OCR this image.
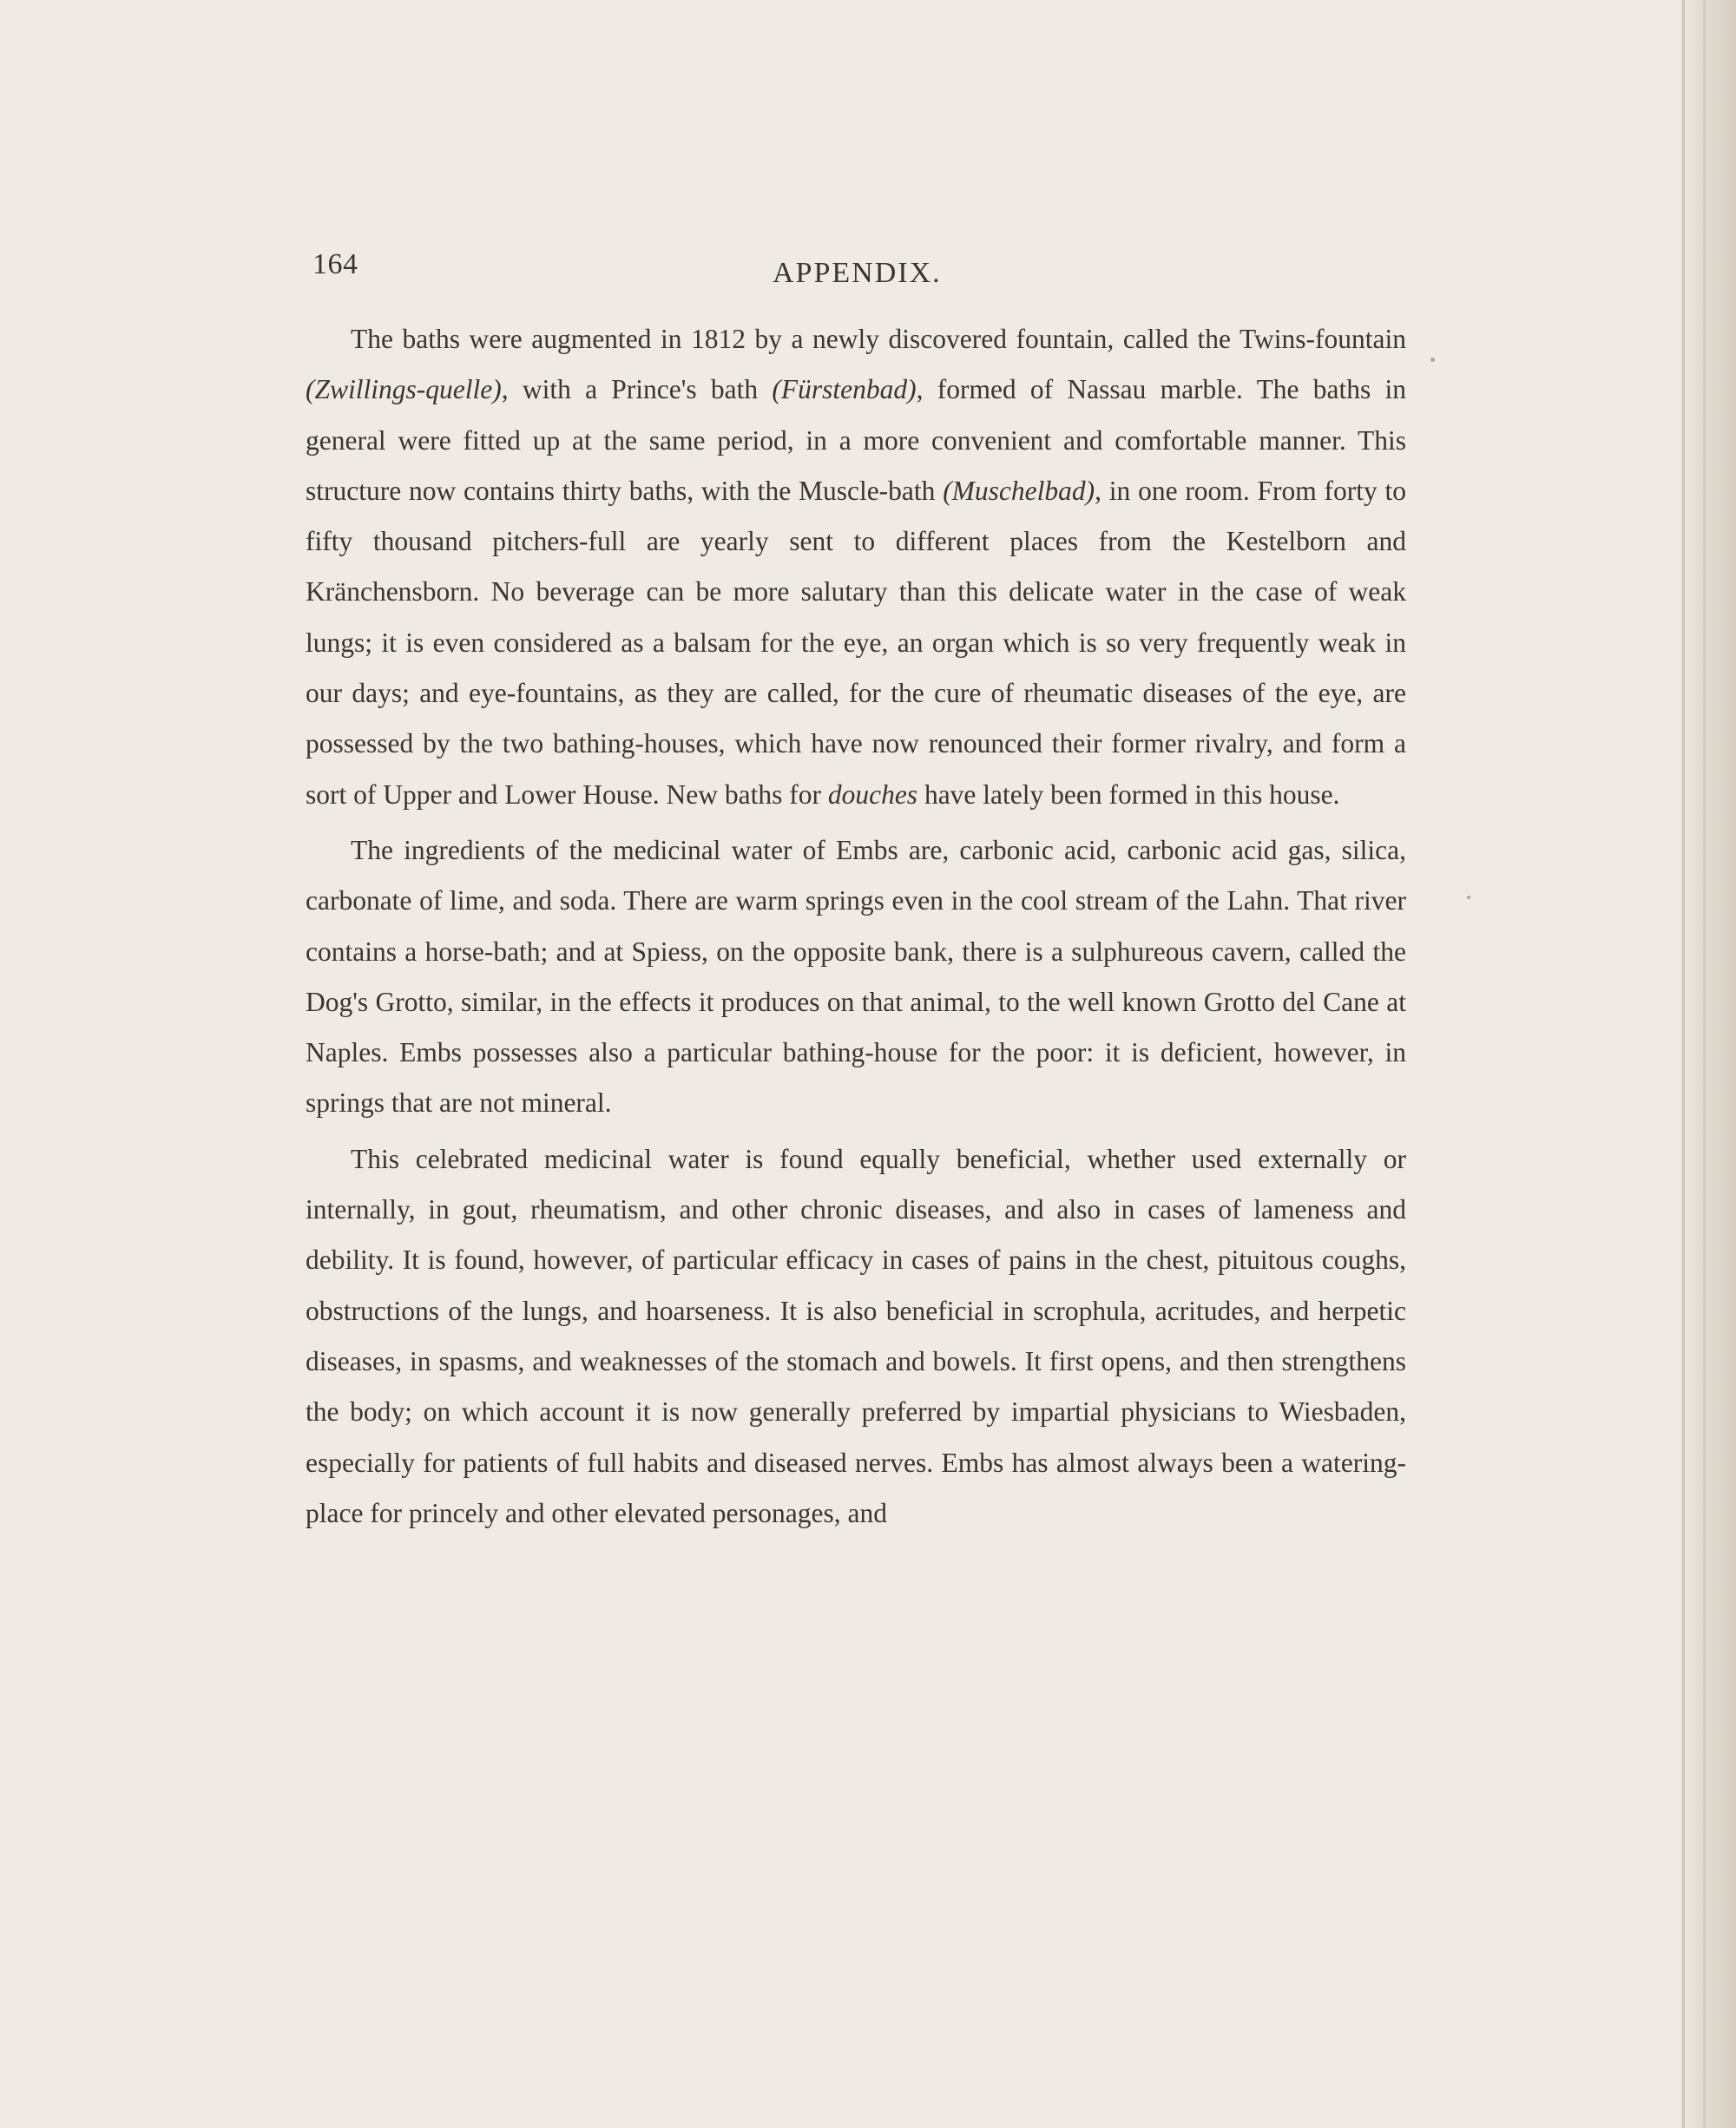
164	APPENDIX.

The baths were augmented in 1812 by a newly discovered fountain, called the Twins-fountain (Zwillings-quelle), with a Prince's bath (Fürstenbad), formed of Nassau marble. The baths in general were fitted up at the same period, in a more convenient and comfortable manner. This structure now contains thirty baths, with the Muscle-bath (Muschelbad), in one room. From forty to fifty thousand pitchers-full are yearly sent to different places from the Kestelborn and Kränchensborn. No beverage can be more salutary than this delicate water in the case of weak lungs; it is even considered as a balsam for the eye, an organ which is so very frequently weak in our days; and eye-fountains, as they are called, for the cure of rheumatic diseases of the eye, are possessed by the two bathing-houses, which have now renounced their former rivalry, and form a sort of Upper and Lower House. New baths for douches have lately been formed in this house.

The ingredients of the medicinal water of Embs are, carbonic acid, carbonic acid gas, silica, carbonate of lime, and soda. There are warm springs even in the cool stream of the Lahn. That river contains a horse-bath; and at Spiess, on the opposite bank, there is a sulphureous cavern, called the Dog's Grotto, similar, in the effects it produces on that animal, to the well known Grotto del Cane at Naples. Embs possesses also a particular bathing-house for the poor: it is deficient, however, in springs that are not mineral.

This celebrated medicinal water is found equally beneficial, whether used externally or internally, in gout, rheumatism, and other chronic diseases, and also in cases of lameness and debility. It is found, however, of particular efficacy in cases of pains in the chest, pituitous coughs, obstructions of the lungs, and hoarseness. It is also beneficial in scrophula, acritudes, and herpetic diseases, in spasms, and weaknesses of the stomach and bowels. It first opens, and then strengthens the body; on which account it is now generally preferred by impartial physicians to Wiesbaden, especially for patients of full habits and diseased nerves. Embs has almost always been a watering-place for princely and other elevated personages, and
